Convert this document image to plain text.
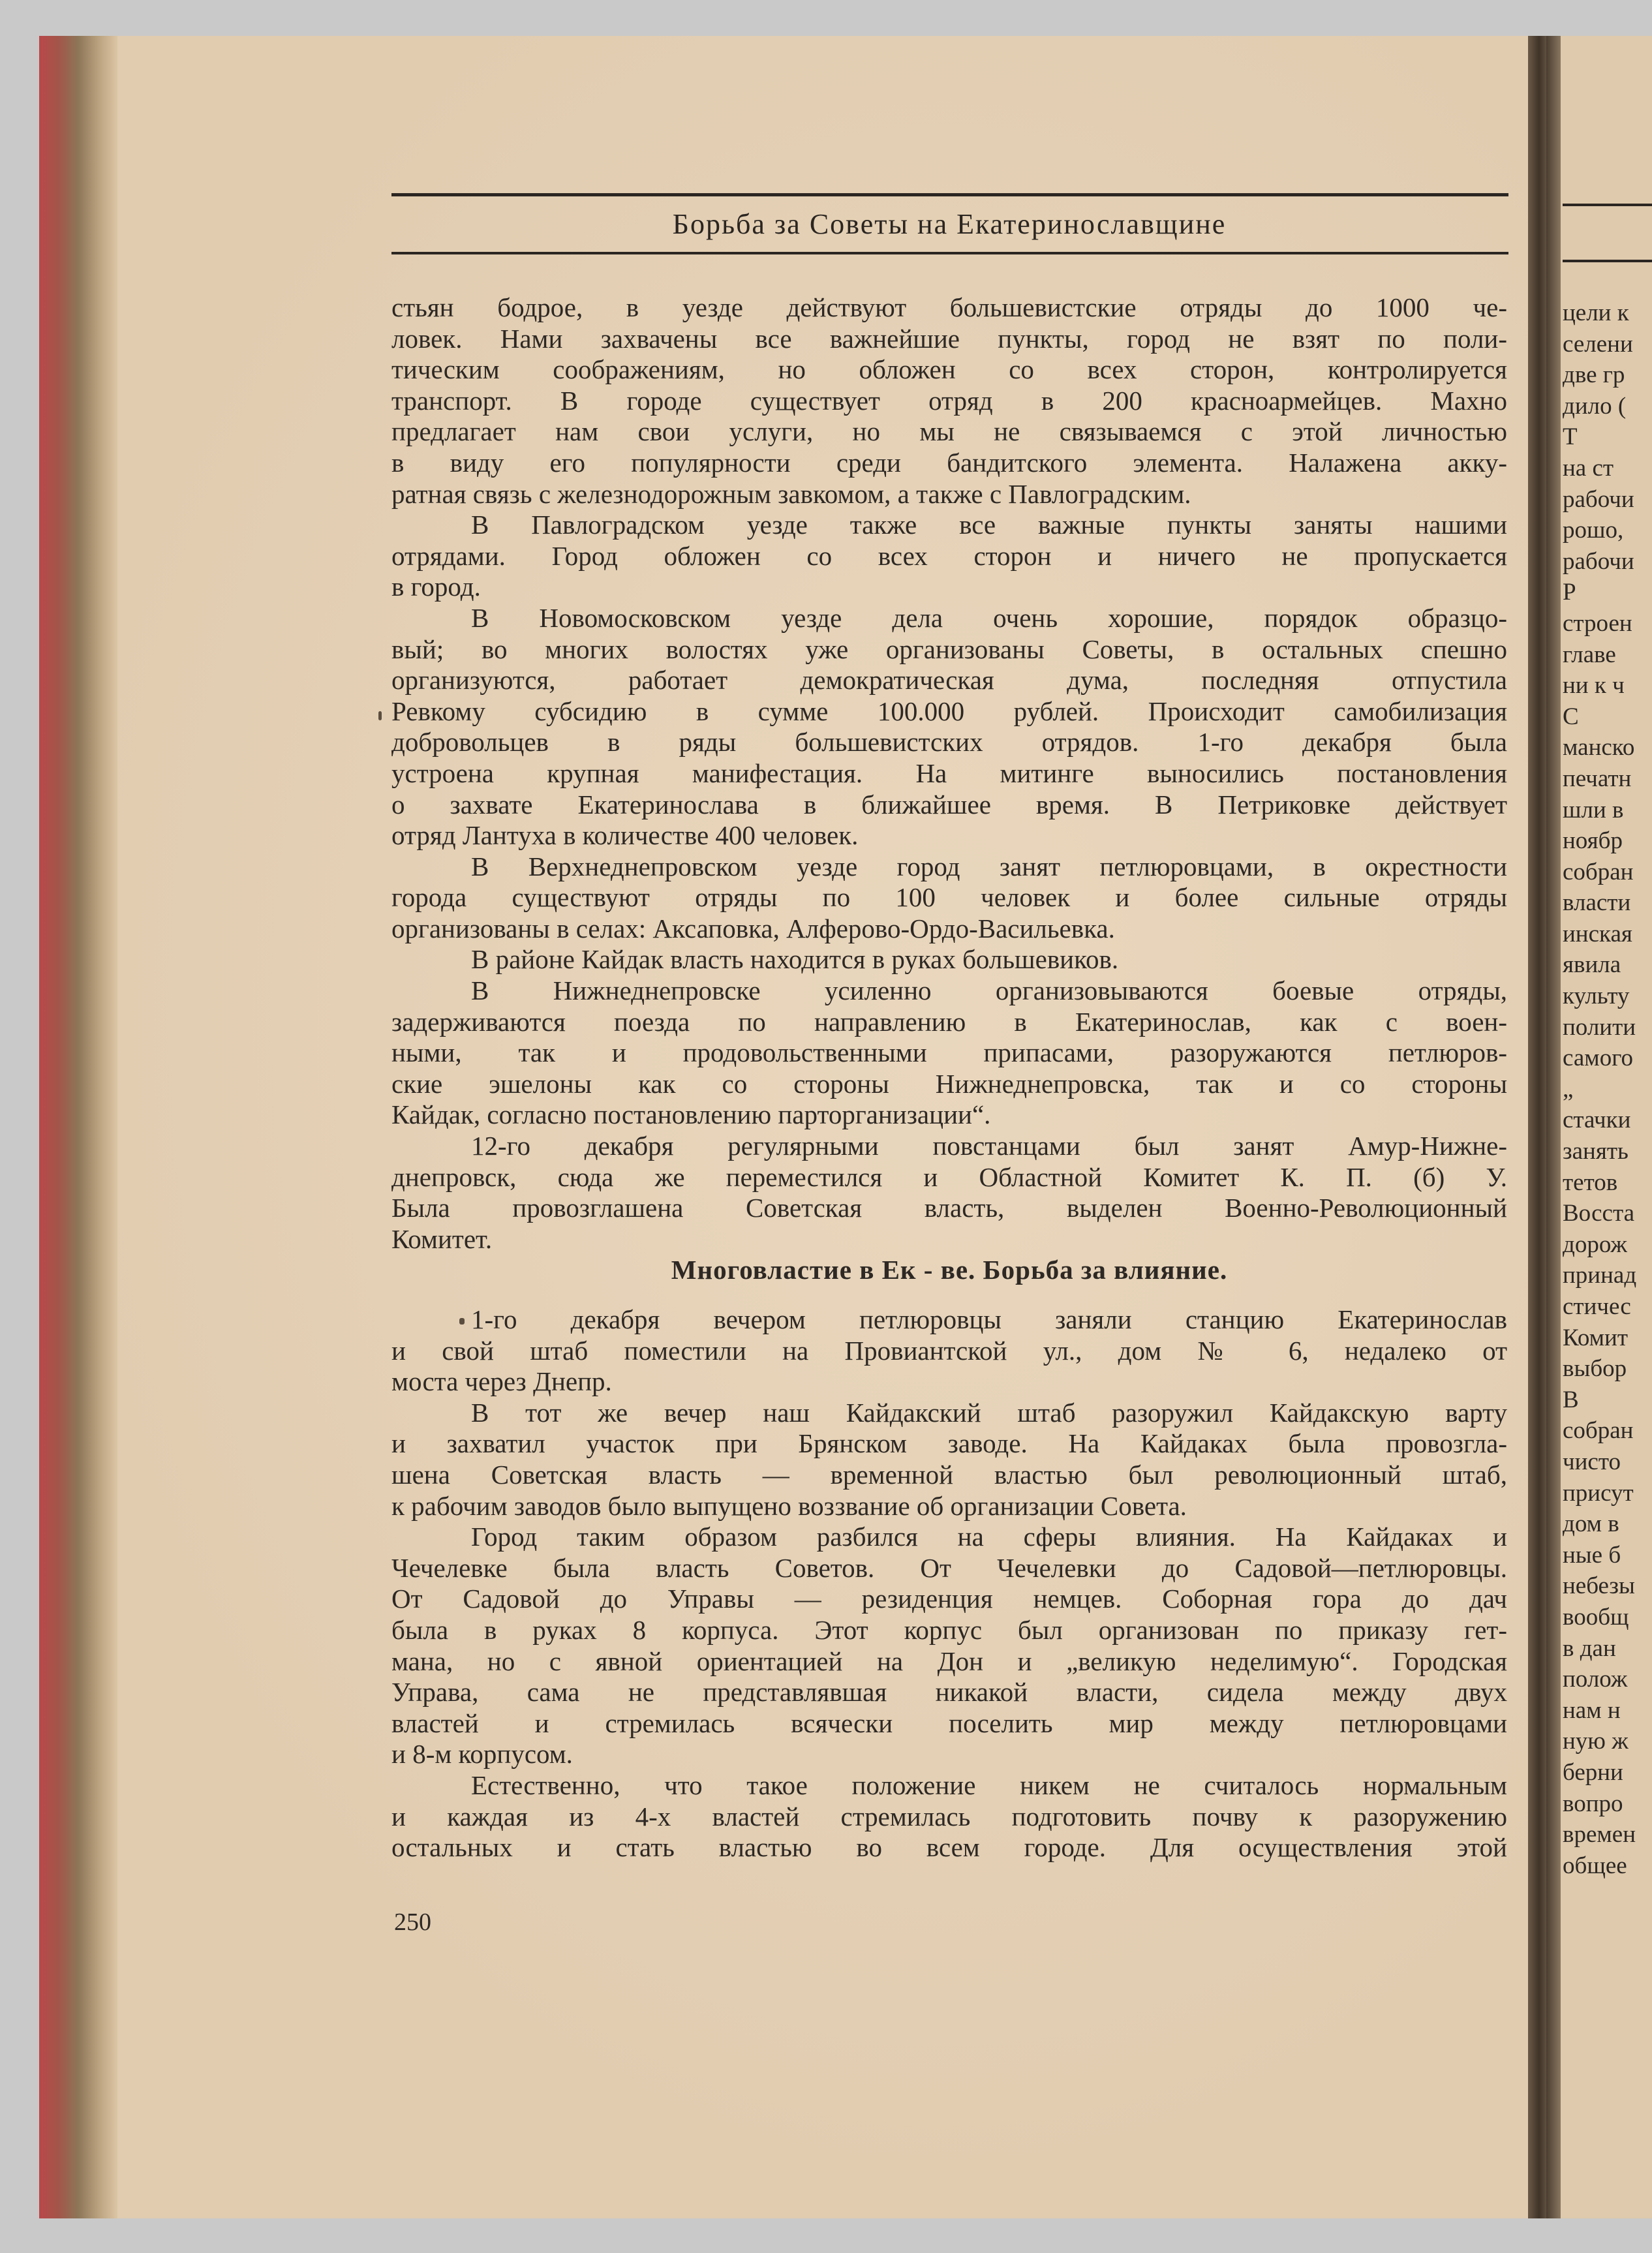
Борьба за Советы на Екатеринославщине
стьян бодрое, в уезде действуют большевистские отряды до 1000 че-
ловек. Нами захвачены все важнейшие пункты, город не взят по поли-
тическим соображениям, но обложен со всех сторон, контролируется
транспорт. В городе существует отряд в 200 красноармейцев. Махно
предлагает нам свои услуги, но мы не связываемся с этой личностью
в виду его популярности среди бандитского элемента. Налажена акку-
ратная связь с железнодорожным завкомом, а также с Павлоградским.
В Павлоградском уезде также все важные пункты заняты нашими
отрядами. Город обложен со всех сторон и ничего не пропускается
в город.
В Новомосковском уезде дела очень хорошие, порядок образцо-
вый; во многих волостях уже организованы Советы, в остальных спешно
организуются, работает демократическая дума, последняя отпустила
Ревкому субсидию в сумме 100.000 рублей. Происходит самобилизация
добровольцев в ряды большевистских отрядов. 1-го декабря была
устроена крупная манифестация. На митинге выносились постановления
о захвате Екатеринослава в ближайшее время. В Петриковке действует
отряд Лантуха в количестве 400 человек.
В Верхнеднепровском уезде город занят петлюровцами, в окрестности
города существуют отряды по 100 человек и более сильные отряды
организованы в селах: Аксаповка, Алферово-Ордо-Васильевка.
В районе Кайдак власть находится в руках большевиков.
В Нижнеднепровске усиленно организовываются боевые отряды,
задерживаются поезда по направлению в Екатеринослав, как с воен-
ными, так и продовольственными припасами, разоружаются петлюров-
ские эшелоны как со стороны Нижнеднепровска, так и со стороны
Кайдак, согласно постановлению парторганизации“.
12-го декабря регулярными повстанцами был занят Амур-Нижне-
днепровск, сюда же переместился и Областной Комитет К. П. (б) У.
Была провозглашена Советская власть, выделен Военно-Революционный
Комитет.
Многовластие в Ек - ве. Борьба за влияние.
1-го декабря вечером петлюровцы заняли станцию Екатеринослав
и свой штаб поместили на Провиантской ул., дом № 6, недалеко от
моста через Днепр.
В тот же вечер наш Кайдакский штаб разоружил Кайдакскую варту
и захватил участок при Брянском заводе. На Кайдаках была провозгла-
шена Советская власть — временной властью был революционный штаб,
к рабочим заводов было выпущено воззвание об организации Совета.
Город таким образом разбился на сферы влияния. На Кайдаках и
Чечелевке была власть Советов. От Чечелевки до Садовой—петлюровцы.
От Садовой до Управы — резиденция немцев. Соборная гора до дач
была в руках 8 корпуса. Этот корпус был организован по приказу гет-
мана, но с явной ориентацией на Дон и „великую неделимую“. Городская
Управа, сама не представлявшая никакой власти, сидела между двух
властей и стремилась всячески поселить мир между петлюровцами
и 8-м корпусом.
Естественно, что такое положение никем не считалось нормальным
и каждая из 4-х властей стремилась подготовить почву к разоружению
остальных и стать властью во всем городе. Для осуществления этой
250
цели к
селени
две гр
дило (
Т
на ст
рабочи
рошо,
рабочи
Р
строен
главе
ни к ч
С
манско
печатн
шли в
ноябр
собран
власти
инская
явила
культу
полити
самого
„
стачки
занять
тетов
Восста
дорож
принад
стичес
Комит
выбор
В
собран
чисто
присут
дом в
ные б
небезы
вообщ
в дан
полож
нам н
ную ж
берни
вопро
времен
общее
